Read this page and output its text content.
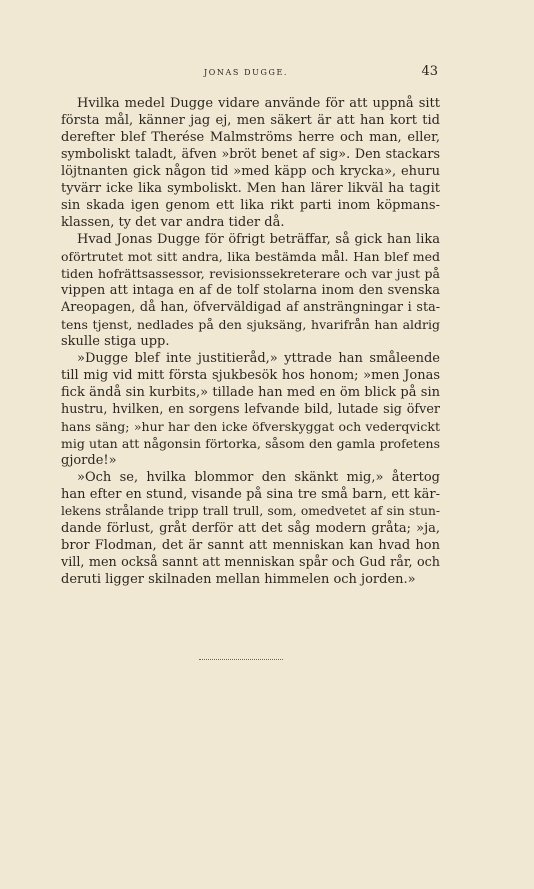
JONAS DUGGE.	43
Hvilka medel Dugge vidare använde för att uppnå sitt
första mål, känner jag ej, men säkert är att han kort tid
derefter blef Therése Malmströms herre och man, eller,
symboliskt taladt, äfven »bröt benet af sig». Den stackars
löjtnanten gick någon tid »med käpp och krycka», ehuru
tyvärr icke lika symboliskt. Men han lärer likväl ha tagit
sin skada igen genom ett lika rikt parti inom köpmans-
klassen, ty det var andra tider då.
Hvad Jonas Dugge för öfrigt beträffar, så gick han lika
oförtrutet mot sitt andra, lika bestämda mål. Han blef med
tiden hofrättsassessor, revisionssekreterare och var just på
vippen att intaga en af de tolf stolarna inom den svenska
Areopagen, då han, öfverväldigad af ansträngningar i sta-
tens tjenst, nedlades på den sjuksäng, hvarifrån han aldrig
skulle stiga upp.
»Dugge blef inte justitieråd,» yttrade han småleende
till mig vid mitt första sjukbesök hos honom; »men Jonas
fick ändå sin kurbits,» tillade han med en öm blick på sin
hustru, hvilken, en sorgens lefvande bild, lutade sig öfver
hans säng; »hur har den icke öfverskyggat och vederqvickt
mig utan att någonsin förtorka, såsom den gamla profetens
gjorde!»
»Och se, hvilka blommor den skänkt mig,» återtog
han efter en stund, visande på sina tre små barn, ett kär-
lekens strålande tripp trall trull, som, omedvetet af sin stun-
dande förlust, gråt derför att det såg modern gråta; »ja,
bror Flodman, det är sannt att menniskan kan hvad hon
vill, men också sannt att menniskan spår och Gud rår, och
deruti ligger skilnaden mellan himmelen och jorden.»
